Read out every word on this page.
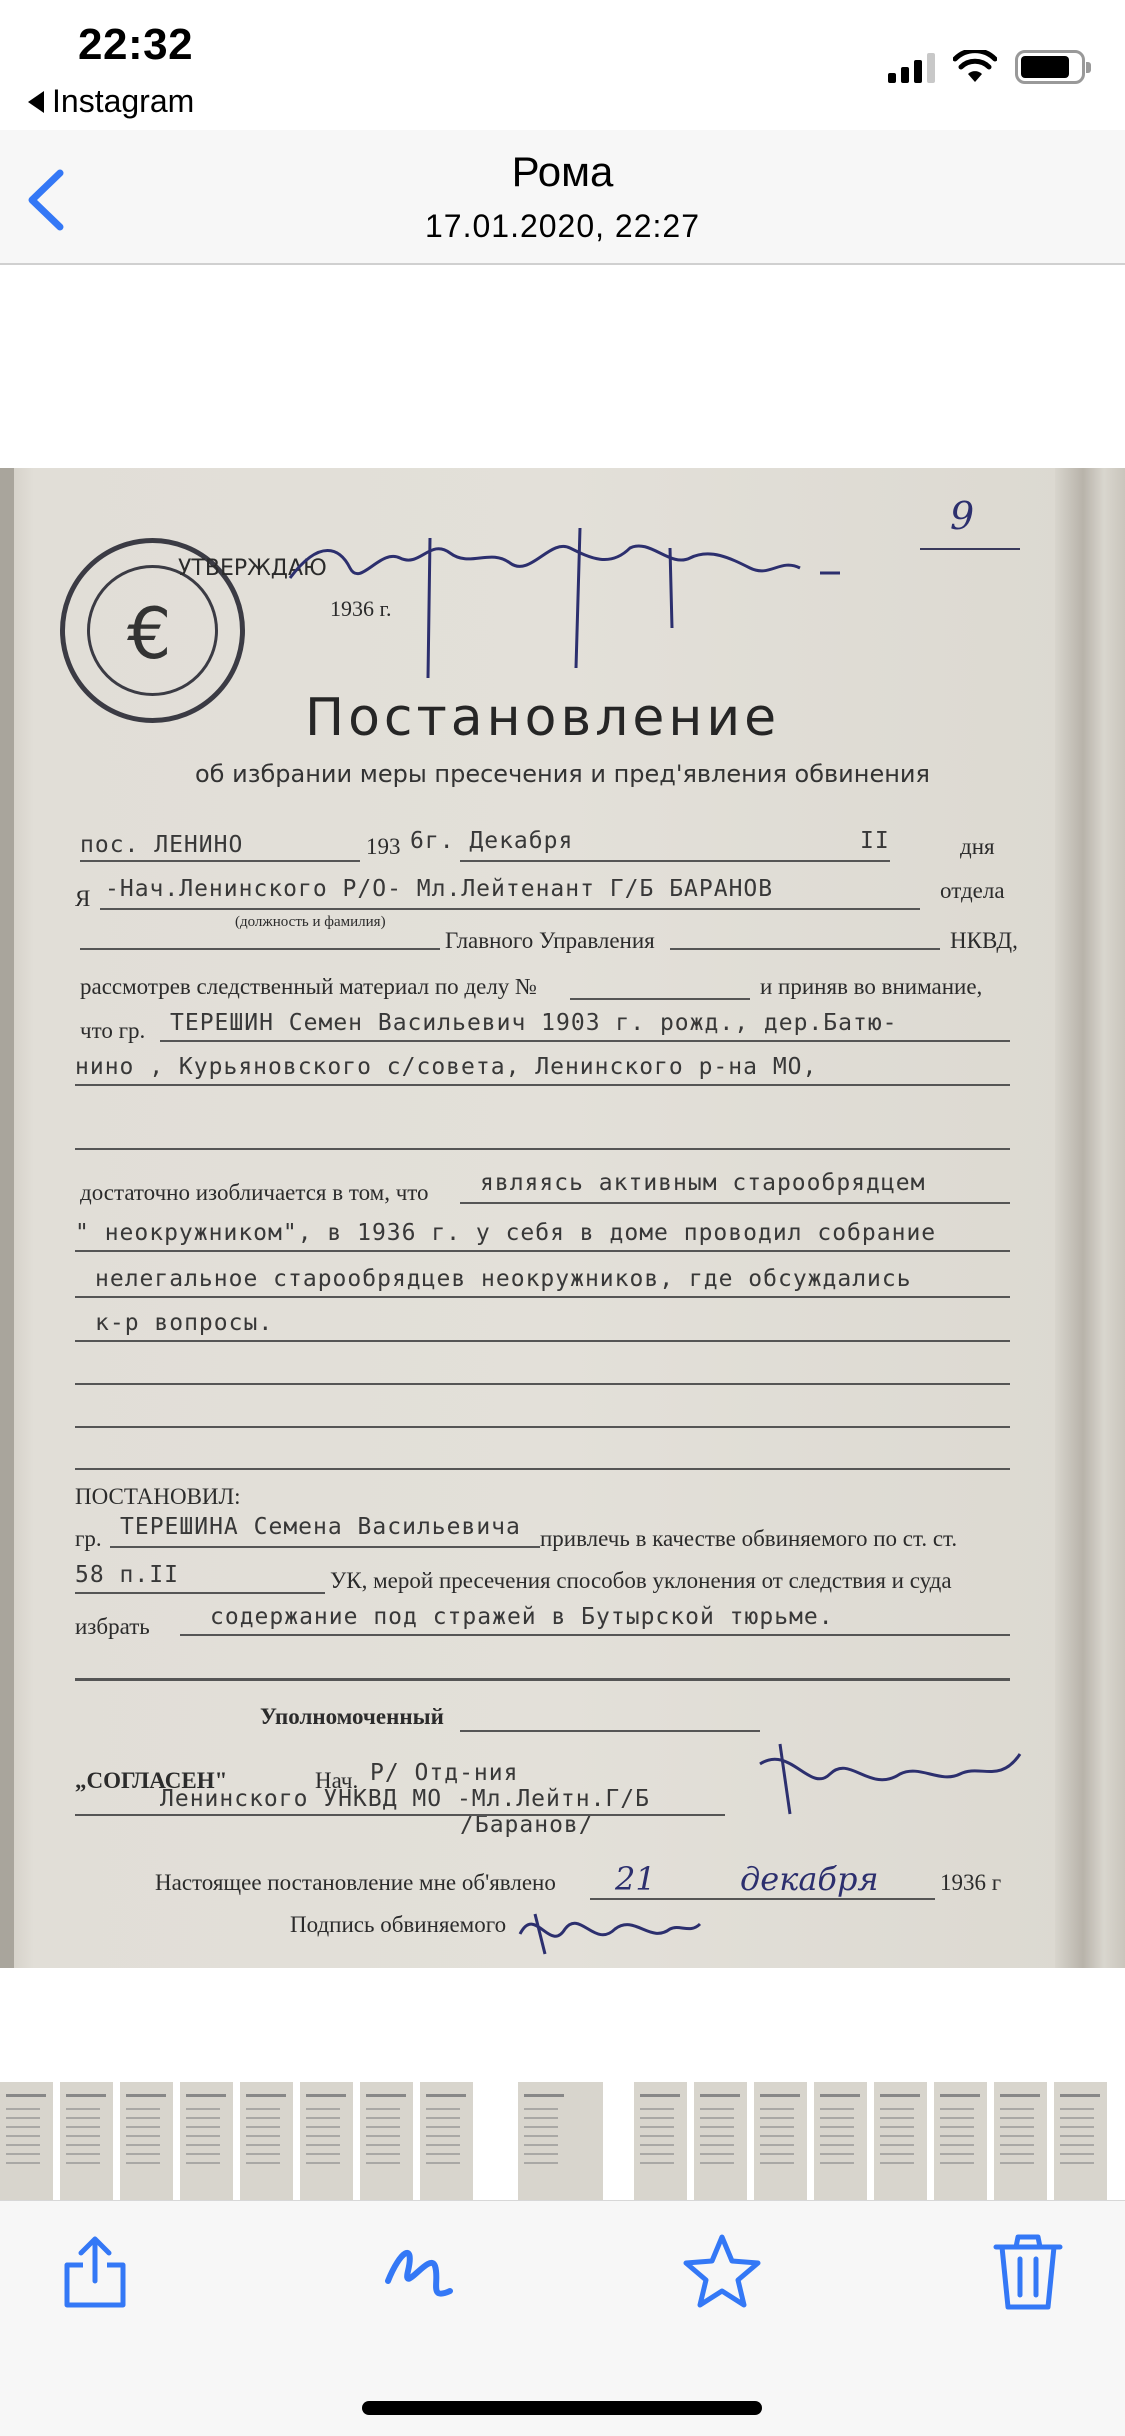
22:32
Instagram
Рома
17.01.2020, 22:27
€
УТВЕРЖДАЮ
1936 г.
9
Постановление
об избрании меры пресечения и пред'явления обвинения
пос. ЛЕНИНО	193 6г. Декабря	II	дня
Я -Нач.Ленинского Р/О- Мл.Лейтенант Г/Б БАРАНОВ	отдела
(должность и фамилия)
Главного Управления	НКВД,
рассмотрев следственный материал по делу №	и приняв во внимание,
что гр. ТЕРЕШИН Семен Васильевич 1903 г. рожд., дер.Батю-
нино , Курьяновского с/совета, Ленинского р-на МО,
достаточно изобличается в том, что являясь активным старообрядцем
" неокружником", в 1936 г. у себя в доме проводил собрание
нелегальное старообрядцев неокружников, где обсуждались
к-р вопросы.
ПОСТАНОВИЛ:
гр. ТЕРЕШИНА Семена Васильевича привлечь в качестве обвиняемого по ст. ст.
58 п.II	УК, мерой пресечения способов уклонения от следствия и суда
избрать	содержание под стражей в Бутырской тюрьме.
Уполномоченный
„СОГЛАСЕН"	Нач. Р/ Отд-ния
Ленинского УНКВД МО -Мл.Лейтн.Г/Б
/Баранов/
Настоящее постановление мне об'явлено 21	декабря	1936 г
Подпись обвиняемого
